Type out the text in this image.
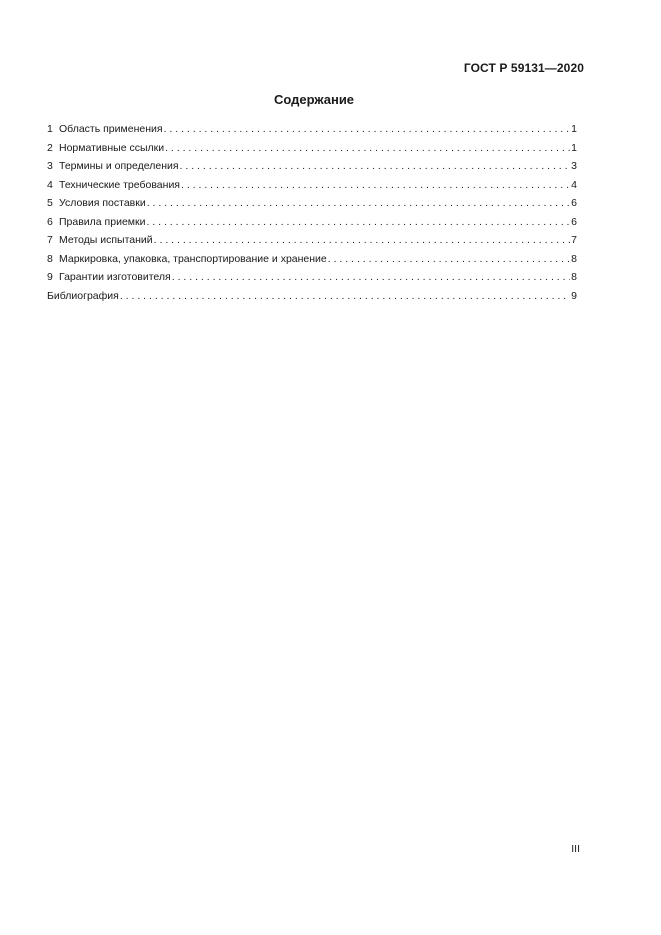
ГОСТ Р 59131—2020
Содержание
1 Область применения . . .	1
2 Нормативные ссылки . . .	1
3 Термины и определения . . .	3
4 Технические требования . . .	4
5 Условия поставки . . .	6
6 Правила приемки . . .	6
7 Методы испытаний . . .	7
8 Маркировка, упаковка, транспортирование и хранение . . .	8
9 Гарантии изготовителя . . .	8
Библиография . . .	9
III
